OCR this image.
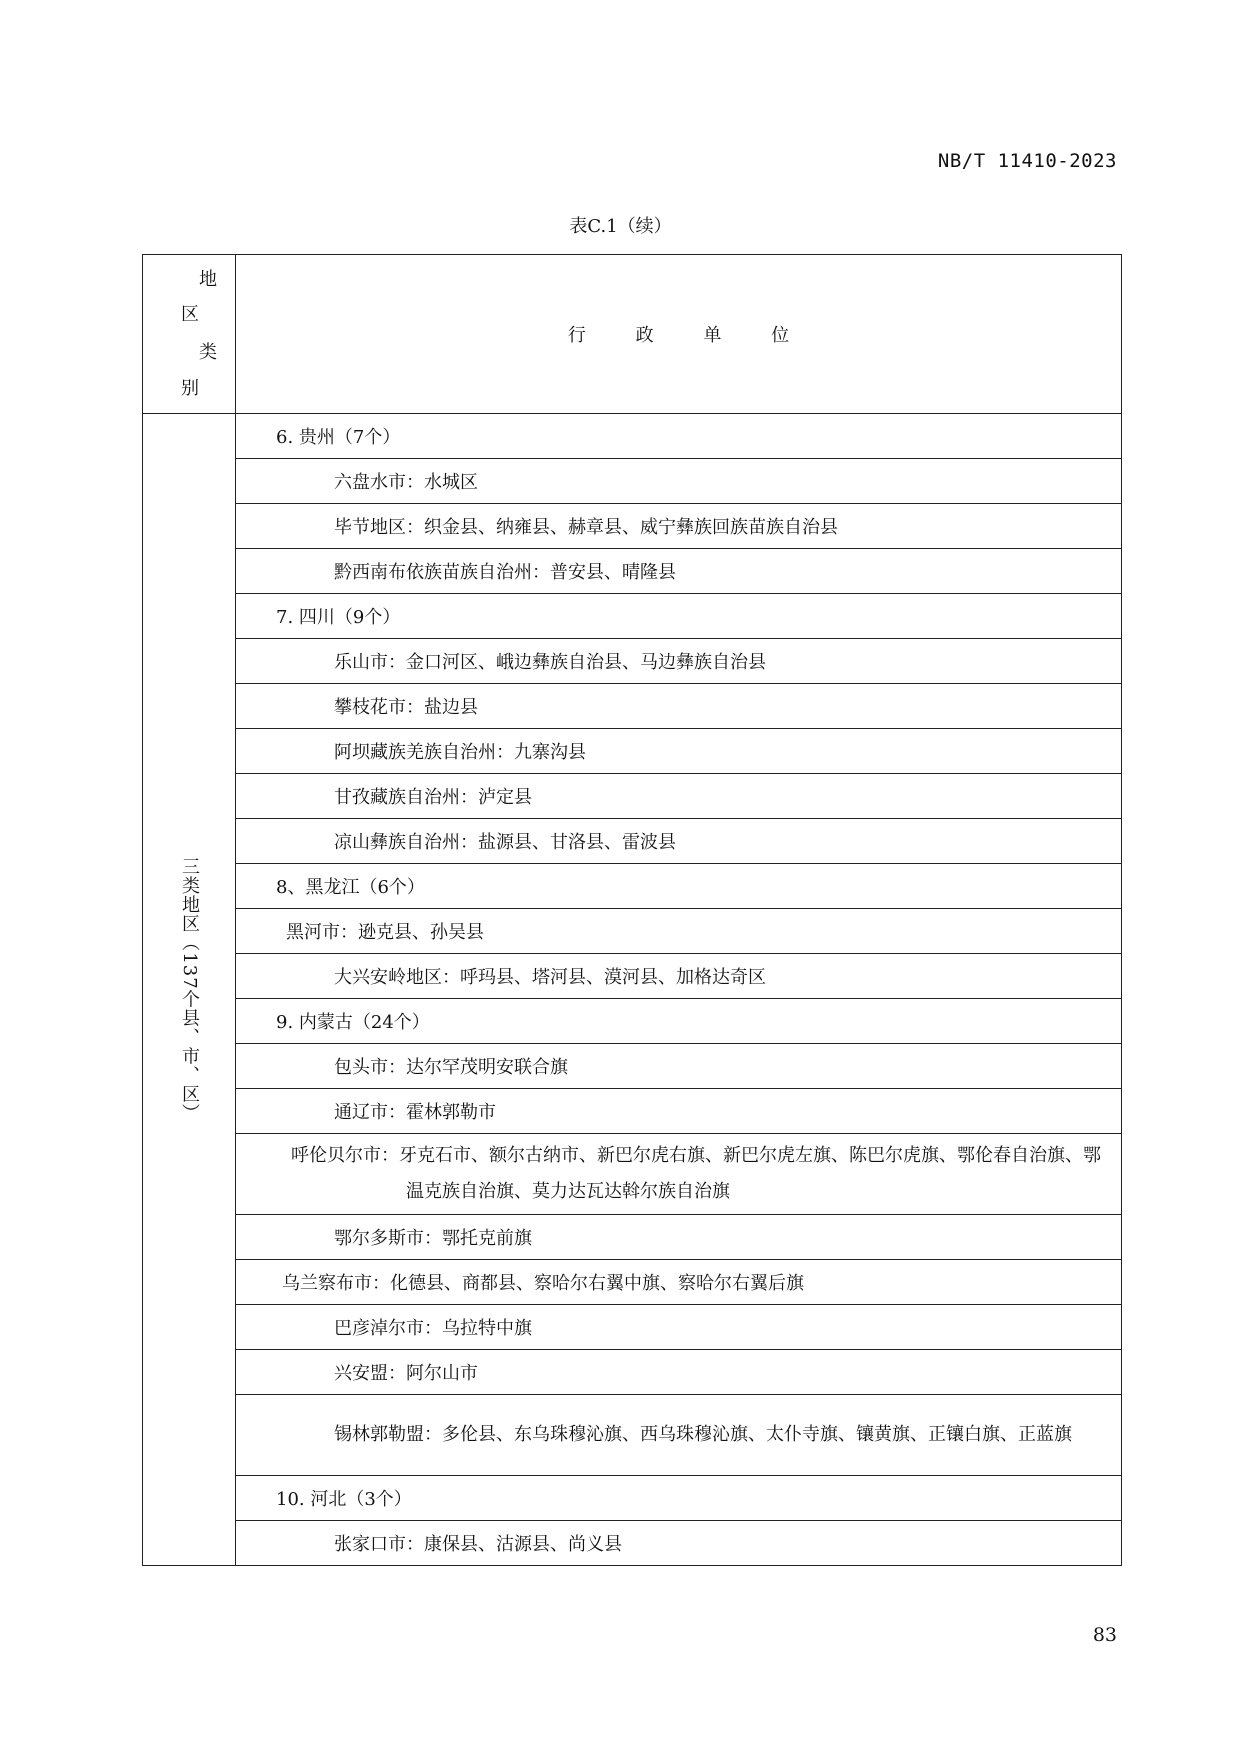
NB/T 11410-2023
表C.1（续）
地
区
类
别	行 政 单 位

三类地区（137个县、市、区）	6. 贵州（7个）
	六盘水市：水城区
	毕节地区：织金县、纳雍县、赫章县、威宁彝族回族苗族自治县
	黔西南布依族苗族自治州：普安县、晴隆县
	7. 四川（9个）
	乐山市：金口河区、峨边彝族自治县、马边彝族自治县
	攀枝花市：盐边县
	阿坝藏族羌族自治州：九寨沟县
	甘孜藏族自治州：泸定县
	凉山彝族自治州：盐源县、甘洛县、雷波县
	8、黑龙江（6个）
	黑河市：逊克县、孙吴县
	大兴安岭地区：呼玛县、塔河县、漠河县、加格达奇区
	9. 内蒙古（24个）
	包头市：达尔罕茂明安联合旗
	通辽市：霍林郭勒市
	呼伦贝尔市：牙克石市、额尔古纳市、新巴尔虎右旗、新巴尔虎左旗、陈巴尔虎旗、鄂伦春自治旗、鄂温克族自治旗、莫力达瓦达斡尔族自治旗
	鄂尔多斯市：鄂托克前旗
	乌兰察布市：化德县、商都县、察哈尔右翼中旗、察哈尔右翼后旗
	巴彦淖尔市：乌拉特中旗
	兴安盟：阿尔山市
	锡林郭勒盟：多伦县、东乌珠穆沁旗、西乌珠穆沁旗、太仆寺旗、镶黄旗、正镶白旗、正蓝旗
	10. 河北（3个）
	张家口市：康保县、沽源县、尚义县
83
